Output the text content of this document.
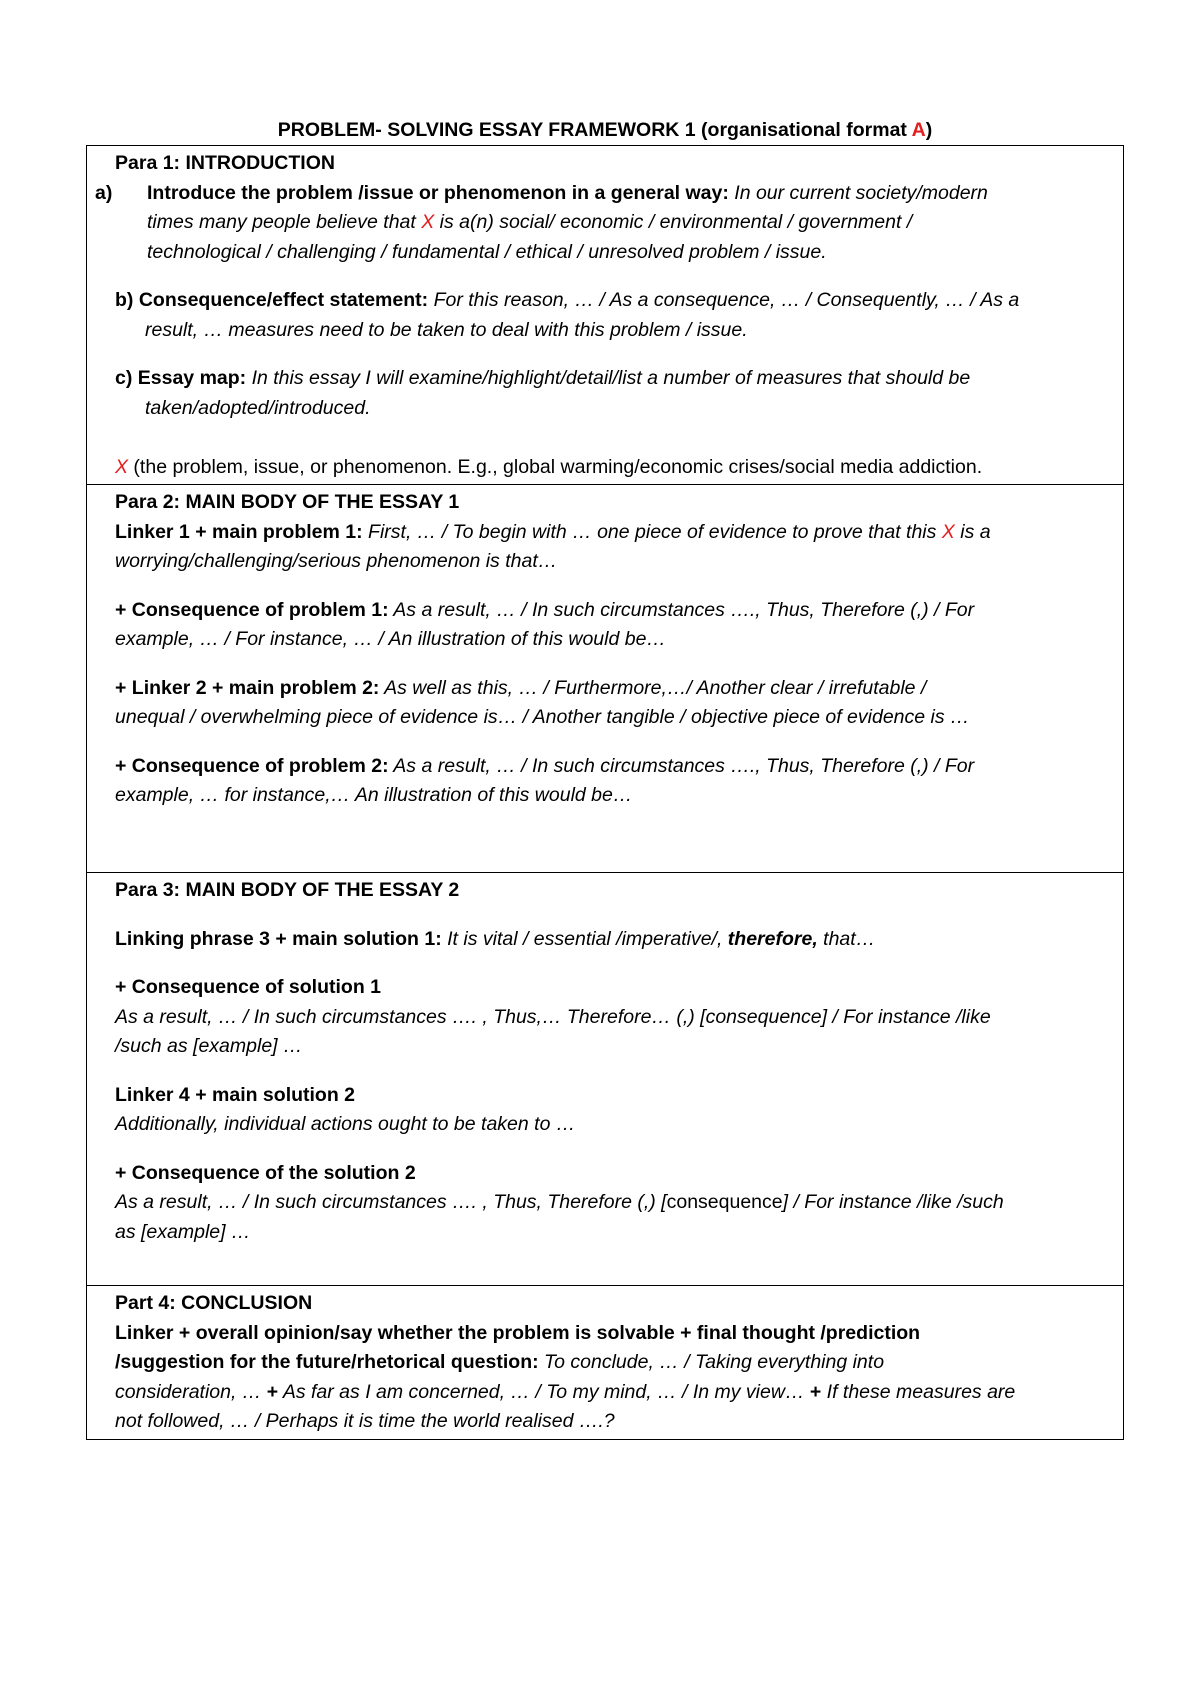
PROBLEM- SOLVING ESSAY FRAMEWORK 1 (organisational format A)
Para 1: INTRODUCTION
a) Introduce the problem /issue or phenomenon in a general way: In our current society/modern
times many people believe that X is a(n) social/ economic / environmental / government /
technological / challenging / fundamental / ethical / unresolved problem / issue.
b) Consequence/effect statement: For this reason, … / As a consequence, … / Consequently, … / As a
result, … measures need to be taken to deal with this problem / issue.
c) Essay map: In this essay I will examine/highlight/detail/list a number of measures that should be
taken/adopted/introduced.
X (the problem, issue, or phenomenon. E.g., global warming/economic crises/social media addiction.
Para 2: MAIN BODY OF THE ESSAY 1
Linker 1 + main problem 1: First, … / To begin with … one piece of evidence to prove that this X is a
worrying/challenging/serious phenomenon is that…
+ Consequence of problem 1: As a result, … / In such circumstances …., Thus, Therefore (,) / For
example, … / For instance, … / An illustration of this would be…
+ Linker 2 + main problem 2: As well as this, … / Furthermore,…/ Another clear / irrefutable /
unequal / overwhelming piece of evidence is… / Another tangible / objective piece of evidence is …
+ Consequence of problem 2: As a result, … / In such circumstances …., Thus, Therefore (,) / For
example, … for instance,… An illustration of this would be…
Para 3: MAIN BODY OF THE ESSAY 2
Linking phrase 3 + main solution 1: It is vital / essential /imperative/, therefore, that…
+ Consequence of solution 1
As a result, … / In such circumstances …. , Thus,… Therefore… (,) [consequence] / For instance /like
/such as [example] …
Linker 4 + main solution 2
Additionally, individual actions ought to be taken to …
+ Consequence of the solution 2
As a result, … / In such circumstances …. , Thus, Therefore (,) [consequence] / For instance /like /such
as [example] …
Part 4: CONCLUSION
Linker + overall opinion/say whether the problem is solvable + final thought /prediction
/suggestion for the future/rhetorical question: To conclude, … / Taking everything into
consideration, … + As far as I am concerned, … / To my mind, … / In my view… + If these measures are
not followed, … / Perhaps it is time the world realised ….?
